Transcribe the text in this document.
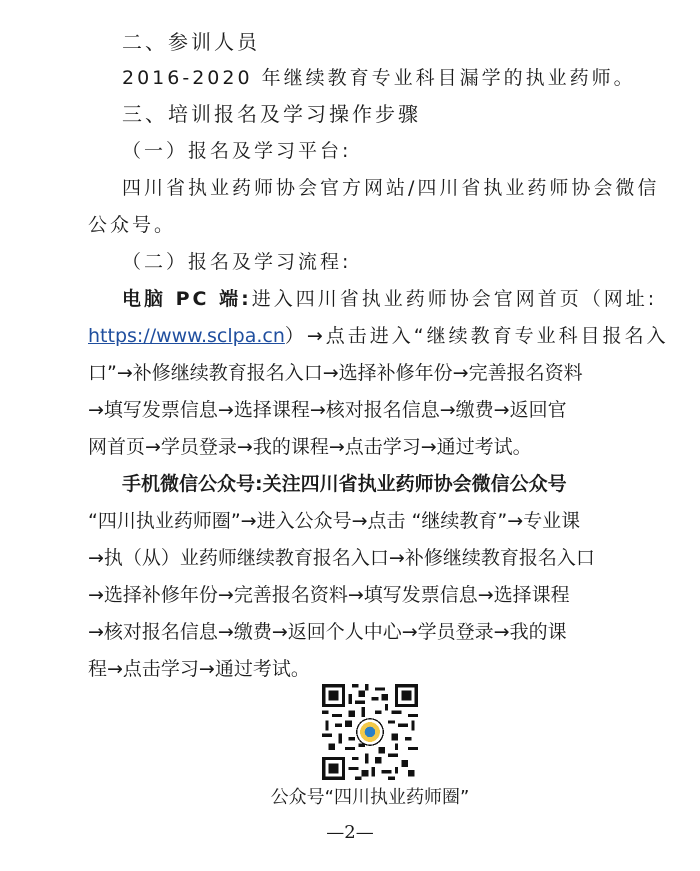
二、参训人员
2016-2020 年继续教育专业科目漏学的执业药师。
三、培训报名及学习操作步骤
（一）报名及学习平台:
四川省执业药师协会官方网站/四川省执业药师协会微信
公众号。
（二）报名及学习流程:
电脑 PC 端:进入四川省执业药师协会官网首页（网址:
https://www.sclpa.cn）→点击进入“继续教育专业科目报名入
口”→补修继续教育报名入口→选择补修年份→完善报名资料
→填写发票信息→选择课程→核对报名信息→缴费→返回官
网首页→学员登录→我的课程→点击学习→通过考试。
手机微信公众号:关注四川省执业药师协会微信公众号
“四川执业药师圈”→进入公众号→点击 “继续教育”→专业课
→执（从）业药师继续教育报名入口→补修继续教育报名入口
→选择补修年份→完善报名资料→填写发票信息→选择课程
→核对报名信息→缴费→返回个人中心→学员登录→我的课
程→点击学习→通过考试。
公众号“四川执业药师圈”
—2—
